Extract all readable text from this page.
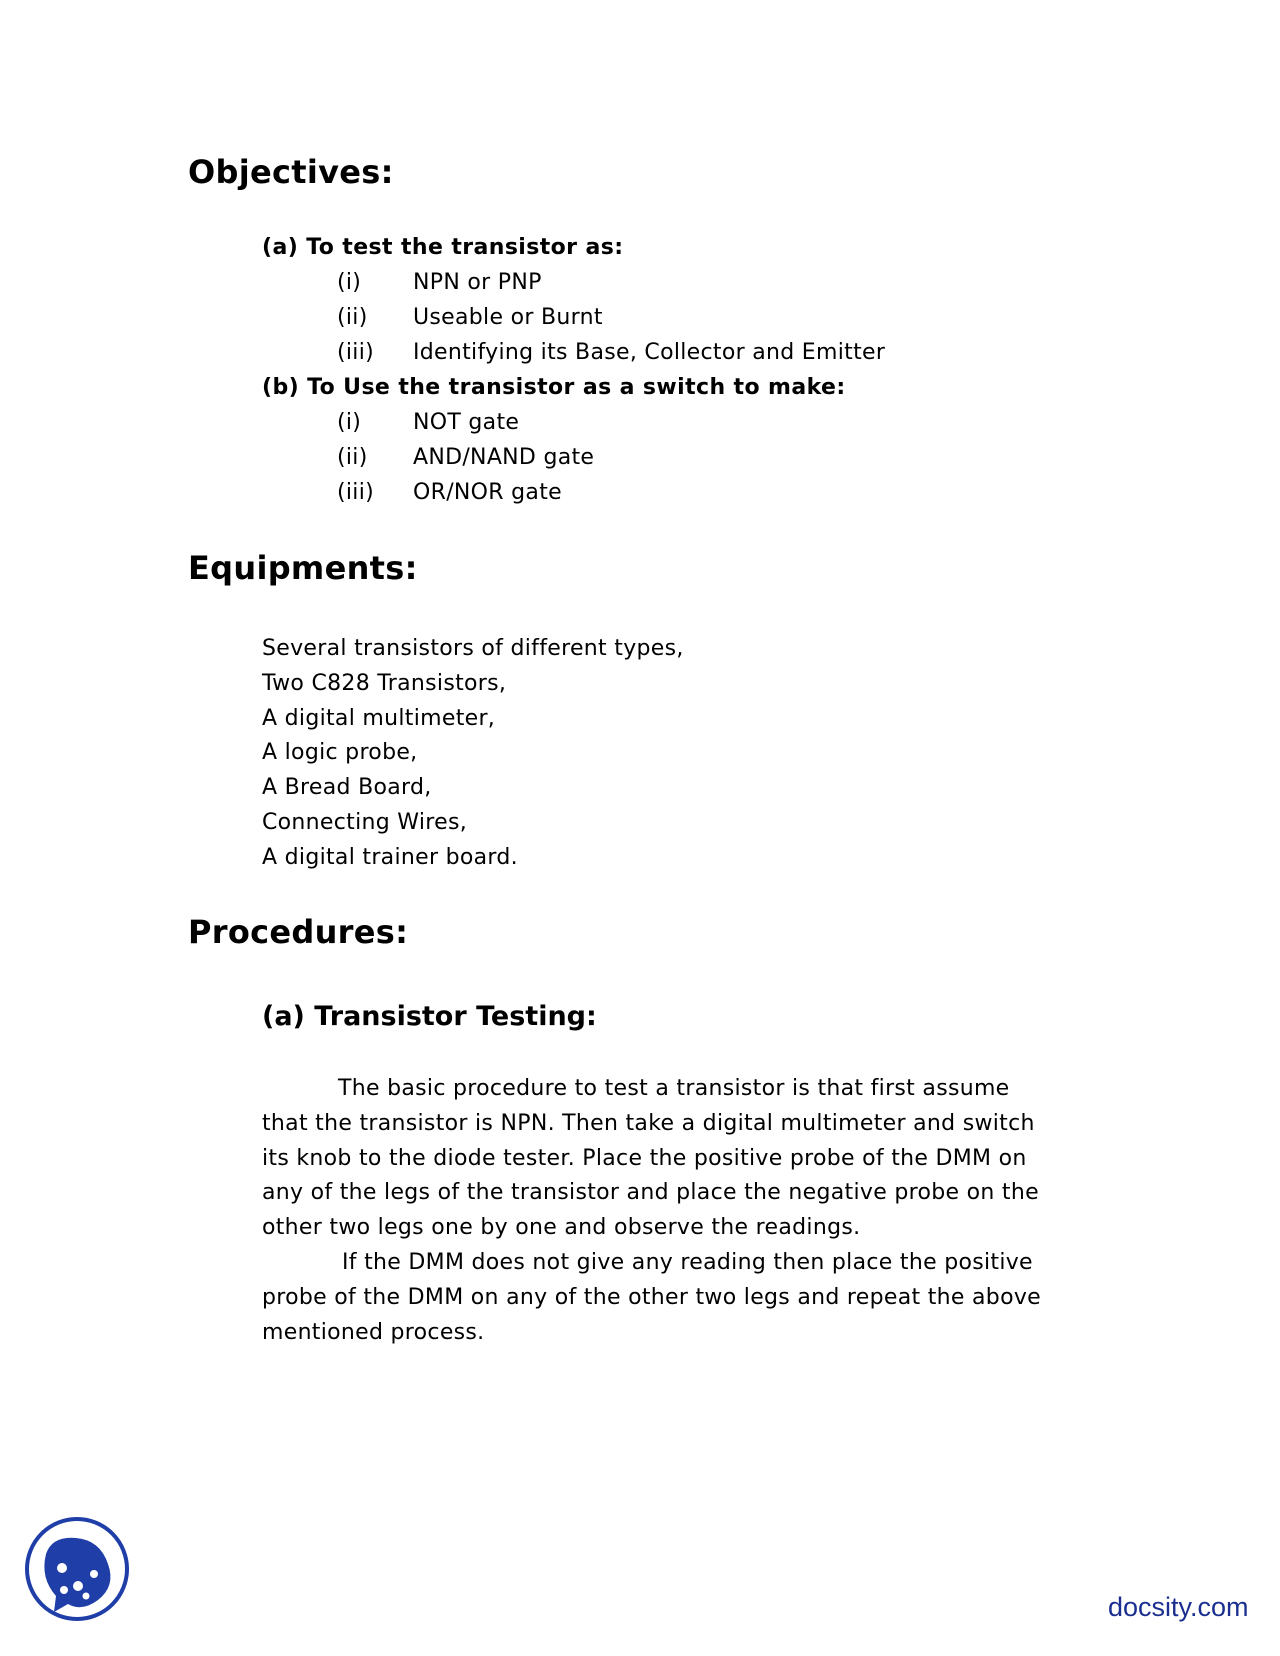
Objectives:
(a) To test the transistor as:
(i) NPN or PNP
(ii) Useable or Burnt
(iii) Identifying its Base, Collector and Emitter
(b) To Use the transistor as a switch to make:
(i) NOT gate
(ii) AND/NAND gate
(iii) OR/NOR gate
Equipments:
Several transistors of different types,
Two C828 Transistors,
A digital multimeter,
A logic probe,
A Bread Board,
Connecting Wires,
A digital trainer board.
Procedures:
(a) Transistor Testing:
The basic procedure to test a transistor is that first assume
that the transistor is NPN. Then take a digital multimeter and switch
its knob to the diode tester. Place the positive probe of the DMM on
any of the legs of the transistor and place the negative probe on the
other two legs one by one and observe the readings.
If the DMM does not give any reading then place the positive
probe of the DMM on any of the other two legs and repeat the above
mentioned process.
docsity.com
